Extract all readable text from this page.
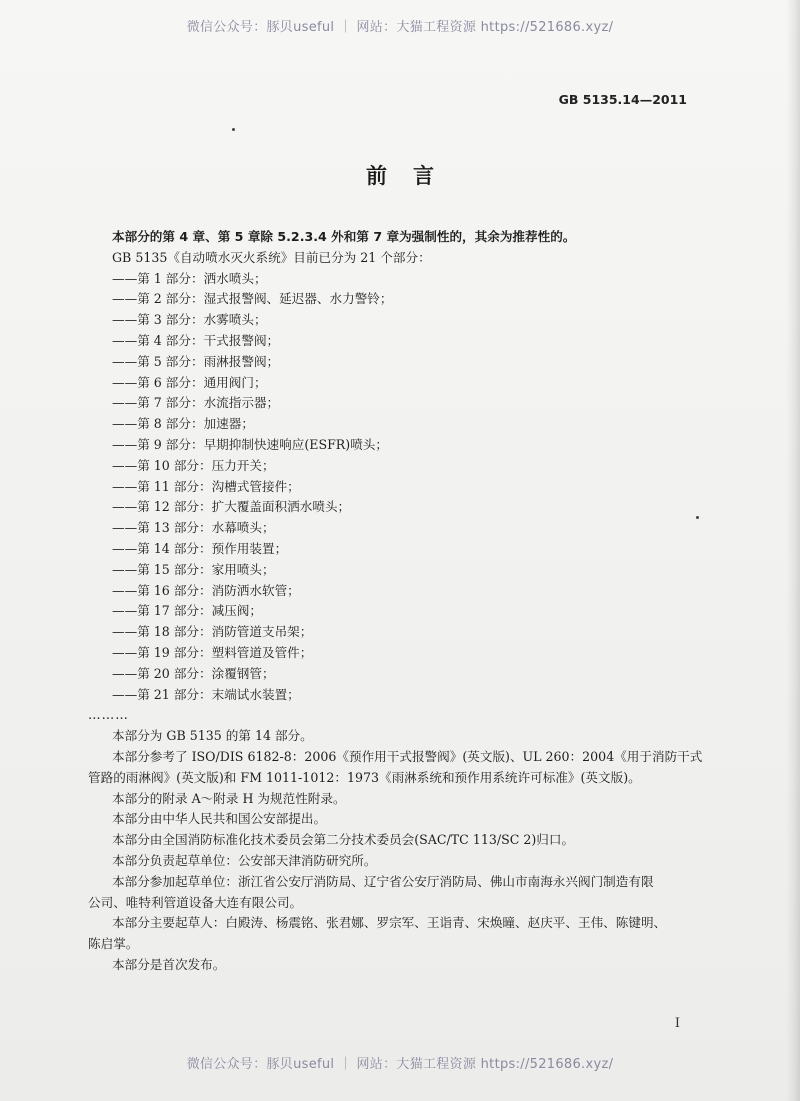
微信公众号：豚贝useful ｜ 网站：大猫工程资源 https://521686.xyz/
GB 5135.14—2011
前言
本部分的第 4 章、第 5 章除 5.2.3.4 外和第 7 章为强制性的，其余为推荐性的。
GB 5135《自动喷水灭火系统》目前已分为 21 个部分：
——第 1 部分：洒水喷头；
——第 2 部分：湿式报警阀、延迟器、水力警铃；
——第 3 部分：水雾喷头；
——第 4 部分：干式报警阀；
——第 5 部分：雨淋报警阀；
——第 6 部分：通用阀门；
——第 7 部分：水流指示器；
——第 8 部分：加速器；
——第 9 部分：早期抑制快速响应(ESFR)喷头；
——第 10 部分：压力开关；
——第 11 部分：沟槽式管接件；
——第 12 部分：扩大覆盖面积洒水喷头；
——第 13 部分：水幕喷头；
——第 14 部分：预作用装置；
——第 15 部分：家用喷头；
——第 16 部分：消防洒水软管；
——第 17 部分：减压阀；
——第 18 部分：消防管道支吊架；
——第 19 部分：塑料管道及管件；
——第 20 部分：涂覆钢管；
——第 21 部分：末端试水装置；
………
本部分为 GB 5135 的第 14 部分。
本部分参考了 ISO/DIS 6182-8：2006《预作用干式报警阀》(英文版)、UL 260：2004《用于消防干式
管路的雨淋阀》(英文版)和 FM 1011-1012：1973《雨淋系统和预作用系统许可标准》(英文版)。
本部分的附录 A～附录 H 为规范性附录。
本部分由中华人民共和国公安部提出。
本部分由全国消防标准化技术委员会第二分技术委员会(SAC/TC 113/SC 2)归口。
本部分负责起草单位：公安部天津消防研究所。
本部分参加起草单位：浙江省公安厅消防局、辽宁省公安厅消防局、佛山市南海永兴阀门制造有限
公司、唯特利管道设备大连有限公司。
本部分主要起草人：白殿涛、杨震铭、张君娜、罗宗军、王诣青、宋焕曈、赵庆平、王伟、陈键明、
陈启掌。
本部分是首次发布。
I
微信公众号：豚贝useful ｜ 网站：大猫工程资源 https://521686.xyz/
